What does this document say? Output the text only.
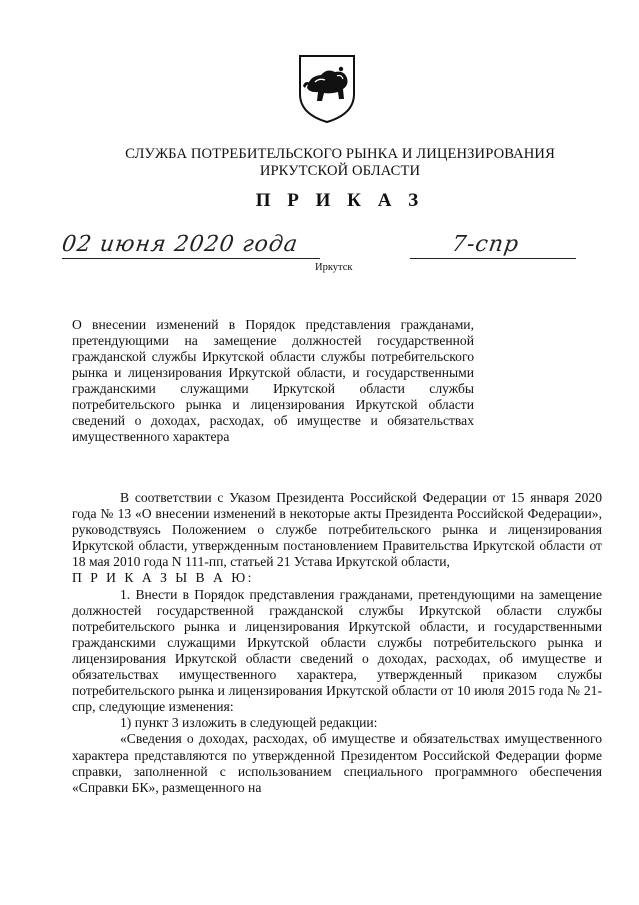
СЛУЖБА ПОТРЕБИТЕЛЬСКОГО РЫНКА И ЛИЦЕНЗИРОВАНИЯ
ИРКУТСКОЙ ОБЛАСТИ
П Р И К А З
02 июня 2020 года	7-спр
Иркутск
О внесении изменений в Порядок представления гражданами, претендующими на замещение должностей государственной гражданской службы Иркутской области службы потребительского рынка и лицензирования Иркутской области, и государственными гражданскими служащими Иркутской области службы потребительского рынка и лицензирования Иркутской области сведений о доходах, расходах, об имуществе и обязательствах имущественного характера

В соответствии с Указом Президента Российской Федерации от 15 января 2020 года № 13 «О внесении изменений в некоторые акты Президента Российской Федерации», руководствуясь Положением о службе потребительского рынка и лицензирования Иркутской области, утвержденным постановлением Правительства Иркутской области от 18 мая 2010 года N 111-пп, статьей 21 Устава Иркутской области,

П Р И К А З Ы В А Ю:

1. Внести в Порядок представления гражданами, претендующими на замещение должностей государственной гражданской службы Иркутской области службы потребительского рынка и лицензирования Иркутской области, и государственными гражданскими служащими Иркутской области службы потребительского рынка и лицензирования Иркутской области сведений о доходах, расходах, об имуществе и обязательствах имущественного характера, утвержденный приказом службы потребительского рынка и лицензирования Иркутской области от 10 июля 2015 года № 21-спр, следующие изменения:

1) пункт 3 изложить в следующей редакции:

«Сведения о доходах, расходах, об имуществе и обязательствах имущественного характера представляются по утвержденной Президентом Российской Федерации форме справки, заполненной с использованием специального программного обеспечения «Справки БК», размещенного на
